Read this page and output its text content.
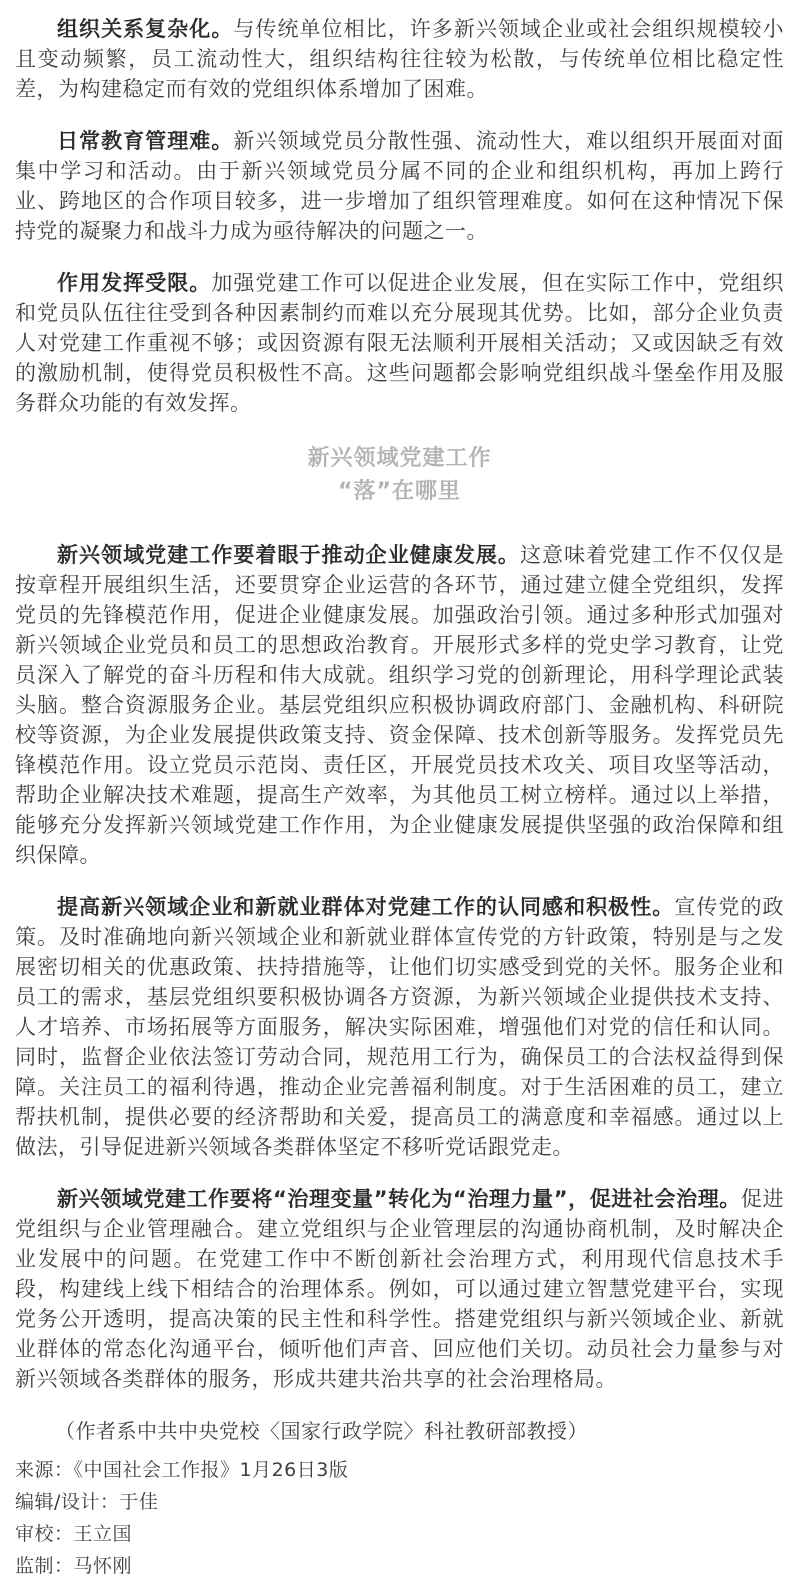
组织关系复杂化。与传统单位相比，许多新兴领域企业或社会组织规模较小且变动频繁，员工流动性大，组织结构往往较为松散，与传统单位相比稳定性差，为构建稳定而有效的党组织体系增加了困难。

日常教育管理难。新兴领域党员分散性强、流动性大，难以组织开展面对面集中学习和活动。由于新兴领域党员分属不同的企业和组织机构，再加上跨行业、跨地区的合作项目较多，进一步增加了组织管理难度。如何在这种情况下保持党的凝聚力和战斗力成为亟待解决的问题之一。

作用发挥受限。加强党建工作可以促进企业发展，但在实际工作中，党组织和党员队伍往往受到各种因素制约而难以充分展现其优势。比如，部分企业负责人对党建工作重视不够；或因资源有限无法顺利开展相关活动；又或因缺乏有效的激励机制，使得党员积极性不高。这些问题都会影响党组织战斗堡垒作用及服务群众功能的有效发挥。

新兴领域党建工作
“落”在哪里

新兴领域党建工作要着眼于推动企业健康发展。这意味着党建工作不仅仅是按章程开展组织生活，还要贯穿企业运营的各环节，通过建立健全党组织，发挥党员的先锋模范作用，促进企业健康发展。加强政治引领。通过多种形式加强对新兴领域企业党员和员工的思想政治教育。开展形式多样的党史学习教育，让党员深入了解党的奋斗历程和伟大成就。组织学习党的创新理论，用科学理论武装头脑。整合资源服务企业。基层党组织应积极协调政府部门、金融机构、科研院校等资源，为企业发展提供政策支持、资金保障、技术创新等服务。发挥党员先锋模范作用。设立党员示范岗、责任区，开展党员技术攻关、项目攻坚等活动，帮助企业解决技术难题，提高生产效率，为其他员工树立榜样。通过以上举措，能够充分发挥新兴领域党建工作作用，为企业健康发展提供坚强的政治保障和组织保障。

提高新兴领域企业和新就业群体对党建工作的认同感和积极性。宣传党的政策。及时准确地向新兴领域企业和新就业群体宣传党的方针政策，特别是与之发展密切相关的优惠政策、扶持措施等，让他们切实感受到党的关怀。服务企业和员工的需求，基层党组织要积极协调各方资源，为新兴领域企业提供技术支持、人才培养、市场拓展等方面服务，解决实际困难，增强他们对党的信任和认同。同时，监督企业依法签订劳动合同，规范用工行为，确保员工的合法权益得到保障。关注员工的福利待遇，推动企业完善福利制度。对于生活困难的员工，建立帮扶机制，提供必要的经济帮助和关爱，提高员工的满意度和幸福感。通过以上做法，引导促进新兴领域各类群体坚定不移听党话跟党走。

新兴领域党建工作要将“治理变量”转化为“治理力量”，促进社会治理。促进党组织与企业管理融合。建立党组织与企业管理层的沟通协商机制，及时解决企业发展中的问题。在党建工作中不断创新社会治理方式，利用现代信息技术手段，构建线上线下相结合的治理体系。例如，可以通过建立智慧党建平台，实现党务公开透明，提高决策的民主性和科学性。搭建党组织与新兴领域企业、新就业群体的常态化沟通平台，倾听他们声音、回应他们关切。动员社会力量参与对新兴领域各类群体的服务，形成共建共治共享的社会治理格局。

（作者系中共中央党校〈国家行政学院〉科社教研部教授）

来源：《中国社会工作报》1月26日3版

编辑/设计：于佳

审校：王立国

监制：马怀刚
